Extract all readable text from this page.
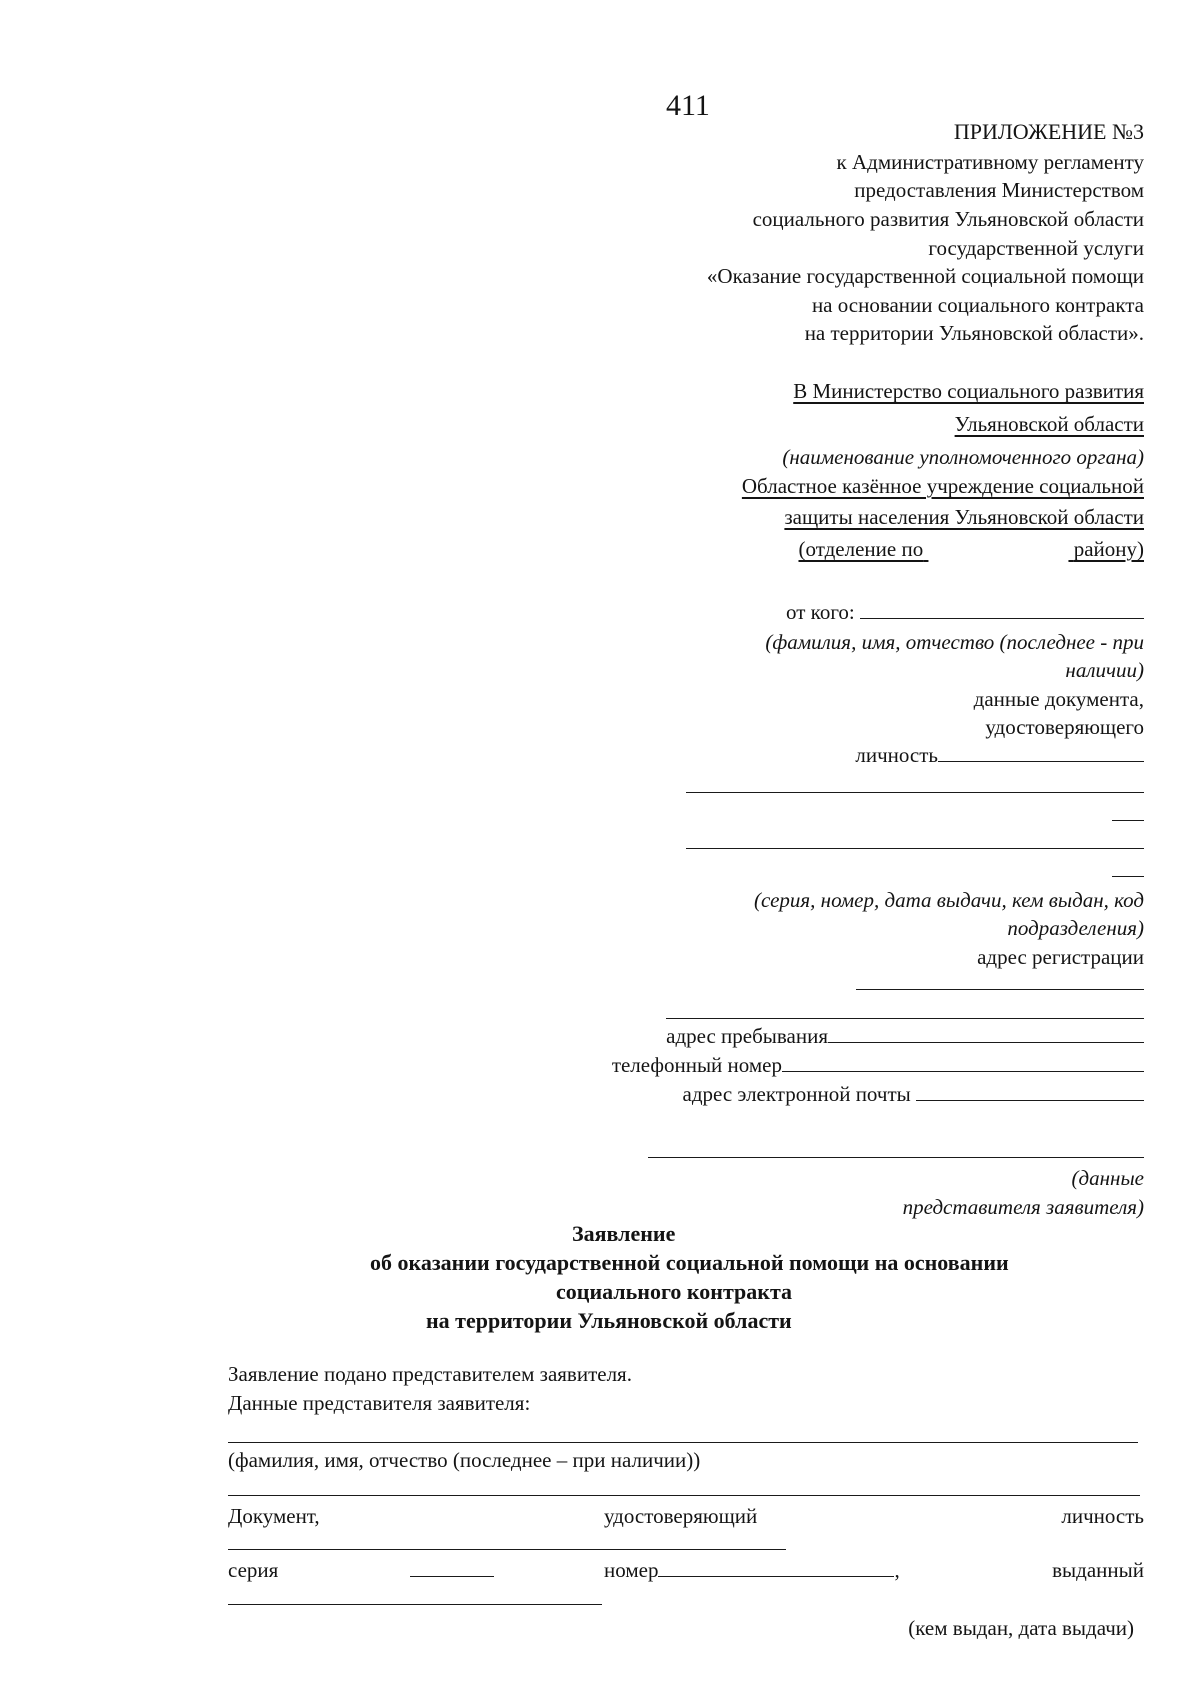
411
ПРИЛОЖЕНИЕ №3
к Административному регламенту
предоставления Министерством
социального развития Ульяновской области
государственной услуги
«Оказание государственной социальной помощи
на основании социального контракта
на территории Ульяновской области».
В Министерство социального развития
Ульяновской области
(наименование уполномоченного органа)
Областное казённое учреждение социальной
защиты населения Ульяновской области
(отделение по	району)
от кого:
(фамилия, имя, отчество (последнее - при
наличии)
данные документа,
удостоверяющего
личность
(серия, номер, дата выдачи, кем выдан, код
подразделения)
адрес регистрации
адрес пребывания
телефонный номер
адрес электронной почты
(данные
представителя заявителя)
Заявление
об оказании государственной социальной помощи на основании
социального контракта
на территории Ульяновской области
Заявление подано представителем заявителя.
Данные представителя заявителя:
(фамилия, имя, отчество (последнее – при наличии))
Документ,	удостоверяющий	личность
серия	номер	,	выданный
(кем выдан, дата выдачи)
